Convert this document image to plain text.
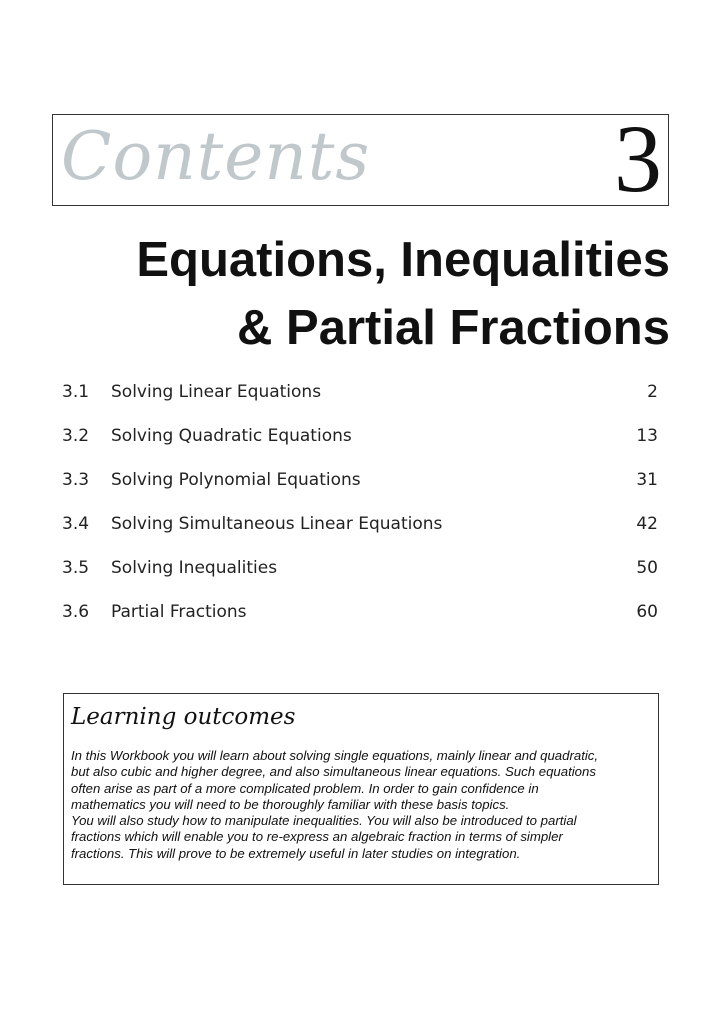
Contents	3
Equations, Inequalities
& Partial Fractions
3.1 Solving Linear Equations	2
3.2 Solving Quadratic Equations	13
3.3 Solving Polynomial Equations	31
3.4 Solving Simultaneous Linear Equations	42
3.5 Solving Inequalities	50
3.6 Partial Fractions	60
Learning outcomes
In this Workbook you will learn about solving single equations, mainly linear and quadratic,
but also cubic and higher degree, and also simultaneous linear equations. Such equations
often arise as part of a more complicated problem. In order to gain confidence in
mathematics you will need to be thoroughly familiar with these basis topics.
You will also study how to manipulate inequalities. You will also be introduced to partial
fractions which will enable you to re-express an algebraic fraction in terms of simpler
fractions. This will prove to be extremely useful in later studies on integration.
